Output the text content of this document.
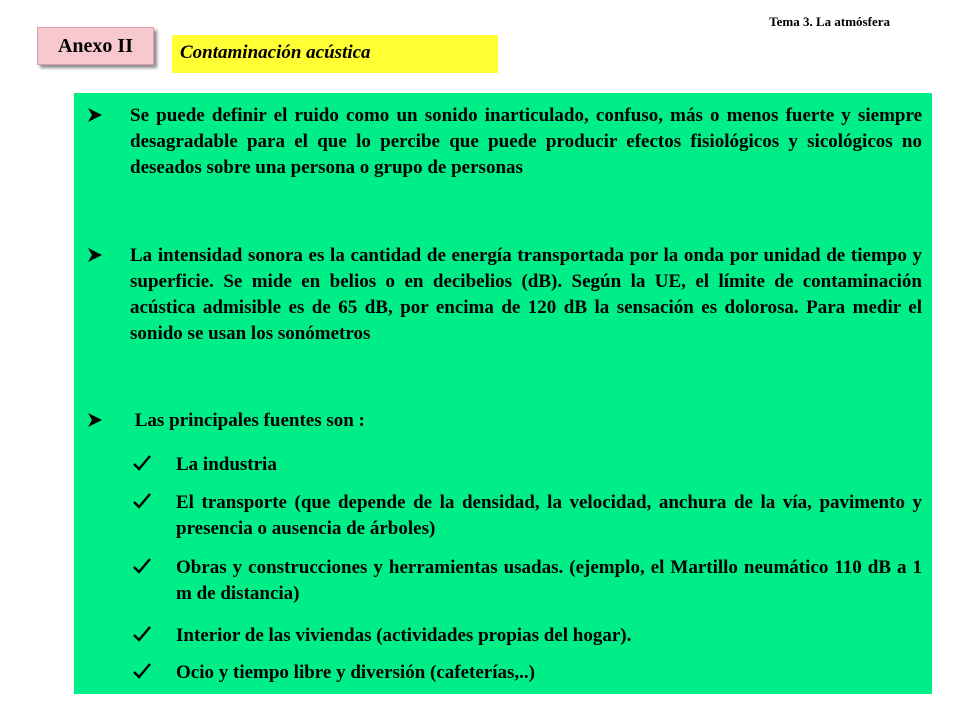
Tema 3. La atmósfera
Anexo II	Contaminación acústica
Se puede definir el ruido como un sonido inarticulado, confuso, más o menos fuerte y siempre desagradable para el que lo percibe que puede producir efectos fisiológicos y sicológicos no deseados sobre una persona o grupo de personas
La intensidad sonora es la cantidad de energía transportada por la onda por unidad de tiempo y superficie. Se mide en belios o en decibelios (dB). Según la UE, el límite de contaminación acústica admisible es de 65 dB, por encima de 120 dB la sensación es dolorosa. Para medir el sonido se usan los sonómetros
Las principales fuentes son :
La industria
El transporte (que depende de la densidad, la velocidad, anchura de la vía, pavimento y presencia o ausencia de árboles)
Obras y construcciones y herramientas usadas. (ejemplo, el Martillo neumático 110 dB a 1 m de distancia)
Interior de las viviendas (actividades propias del hogar).
Ocio y tiempo libre y diversión (cafeterías,..)
